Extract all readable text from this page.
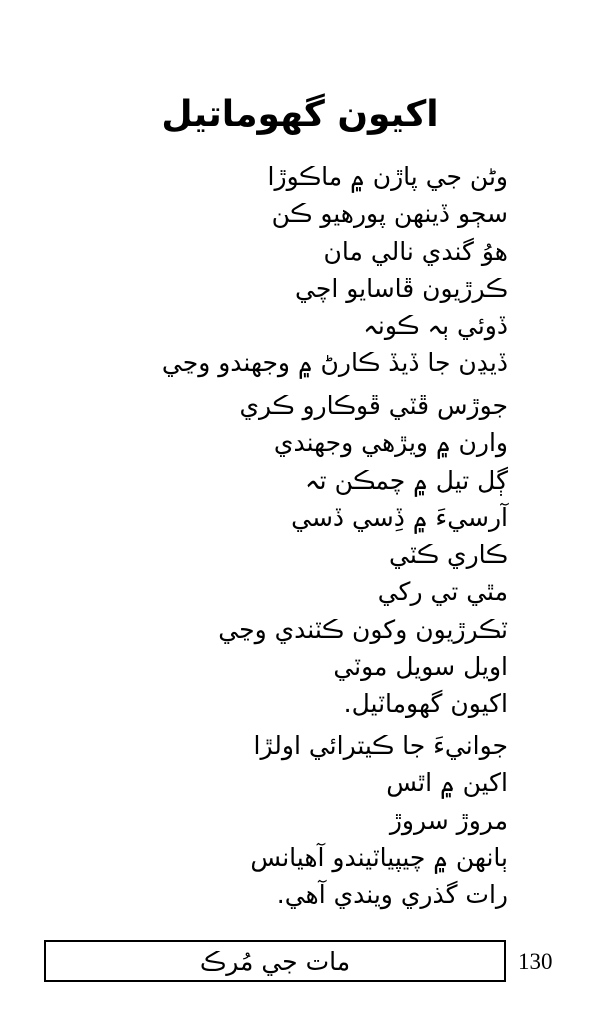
اکيون گهوماتيل
وڻن جي پاڙن ۾ ماڪوڙا
سڄو ڏينهن پورهيو ڪن
هوُ گندي نالي مان
ڪرڙيون ڦاسايو اچي
ڏوئي ٻہ ڪونہ
ڏيڍن جا ڏيڏ ڪارڻ ۾ وجهندو وڃي
جوڙس ڦٽي ڦوڪارو ڪري
وارن ۾ ويڙهي وجهندي
ڳل تيل ۾ چمڪن تہ
آرسيءَ ۾ ڏِسي ڏسي
ڪاري ڪٽي
مٿي تي رکي
ٽڪرڙيون وکون ڪٽندي وڃي
اويل سويل موٽي
اکيون گهوماٽيل.
جوانيءَ جا ڪيترائي اولڙا
اکين ۾ اٿس
مروڙ سروڙ
ٻانهن ۾ چيپياٽيندو آهيانس
رات گذري ويندي آهي.
مات جي مُرڪ	130
